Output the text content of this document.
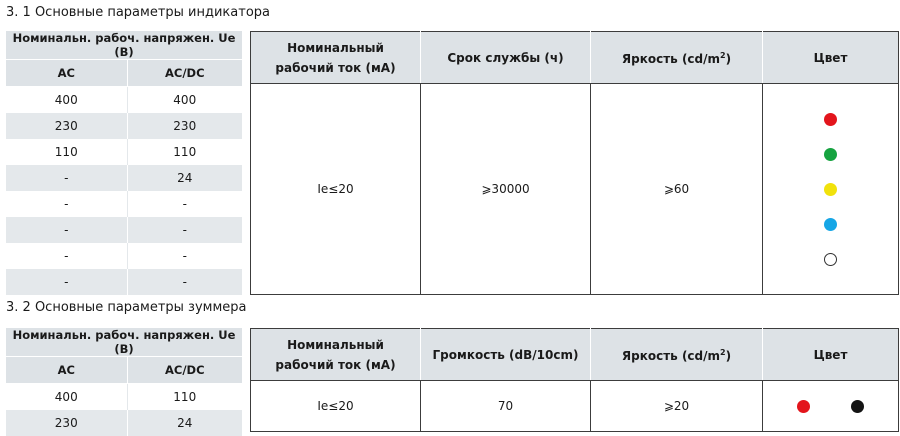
3. 1 Основные параметры индикатора
Номинальн. рабоч. напряжен. Ue (B)	
AC	AC/DC
400	400
230	230
110	110
-	24
-	-
-	-
-	-
-	-
Номинальный рабочий ток (мА)	Срок службы (ч)	Яркость $(cd/m^2)$	Цвет
Ie≤20	⩾30000	⩾60	
3. 2 Основные параметры зуммера
Номинальн. рабоч. напряжен. Ue (B)	
AC	AC/DC
400	110
230	24
Номинальный рабочий ток (мА)	Громкость (dB/10cm)	Яркость $(cd/m^2)$	Цвет
Ie≤20	70	⩾20	
